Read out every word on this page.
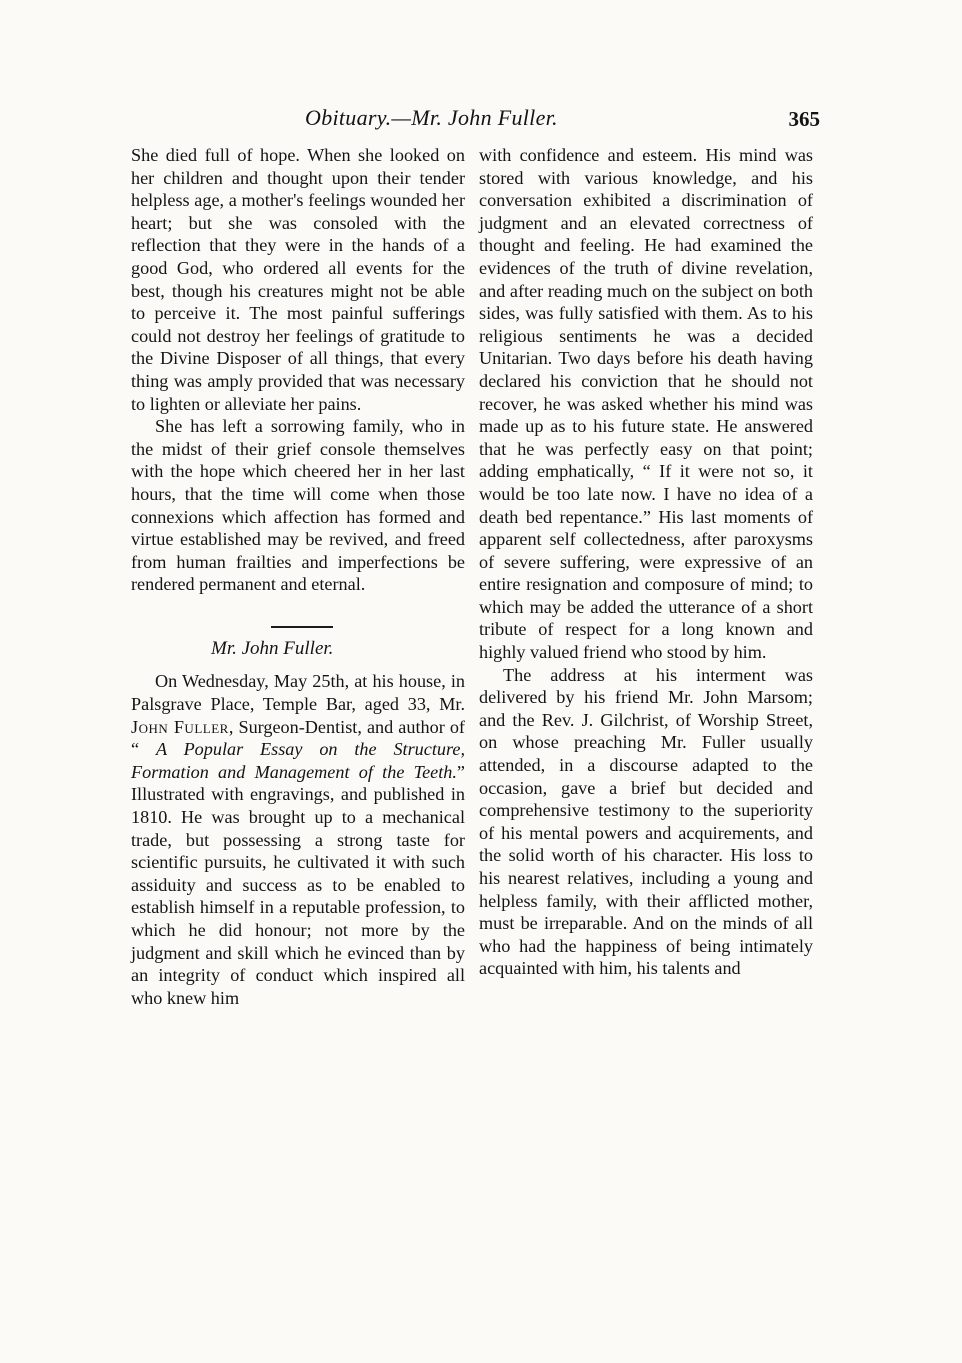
Obituary.—Mr. John Fuller.	365

She died full of hope. When she looked on her children and thought upon their tender helpless age, a mother's feelings wounded her heart; but she was consoled with the reflection that they were in the hands of a good God, who ordered all events for the best, though his creatures might not be able to perceive it. The most painful sufferings could not destroy her feelings of gratitude to the Divine Disposer of all things, that every thing was amply provided that was necessary to lighten or alleviate her pains.

She has left a sorrowing family, who in the midst of their grief console themselves with the hope which cheered her in her last hours, that the time will come when those connexions which affection has formed and virtue established may be revived, and freed from human frailties and imperfections be rendered permanent and eternal.

Mr. John Fuller.

On Wednesday, May 25th, at his house, in Palsgrave Place, Temple Bar, aged 33, Mr. John Fuller, Surgeon-Dentist, and author of “ A Popular Essay on the Structure, Formation and Management of the Teeth.” Illustrated with engravings, and published in 1810. He was brought up to a mechanical trade, but possessing a strong taste for scientific pursuits, he cultivated it with such assiduity and success as to be enabled to establish himself in a reputable profession, to which he did honour; not more by the judgment and skill which he evinced than by an integrity of conduct which inspired all who knew him

with confidence and esteem. His mind was stored with various knowledge, and his conversation exhibited a discrimination of judgment and an elevated correctness of thought and feeling. He had examined the evidences of the truth of divine revelation, and after reading much on the subject on both sides, was fully satisfied with them. As to his religious sentiments he was a decided Unitarian. Two days before his death having declared his conviction that he should not recover, he was asked whether his mind was made up as to his future state. He answered that he was perfectly easy on that point; adding emphatically, “ If it were not so, it would be too late now. I have no idea of a death bed repentance.” His last moments of apparent self collectedness, after paroxysms of severe suffering, were expressive of an entire resignation and composure of mind; to which may be added the utterance of a short tribute of respect for a long known and highly valued friend who stood by him.

The address at his interment was delivered by his friend Mr. John Marsom; and the Rev. J. Gilchrist, of Worship Street, on whose preaching Mr. Fuller usually attended, in a discourse adapted to the occasion, gave a brief but decided and comprehensive testimony to the superiority of his mental powers and acquirements, and the solid worth of his character. His loss to his nearest relatives, including a young and helpless family, with their afflicted mother, must be irreparable. And on the minds of all who had the happiness of being intimately acquainted with him, his talents and
